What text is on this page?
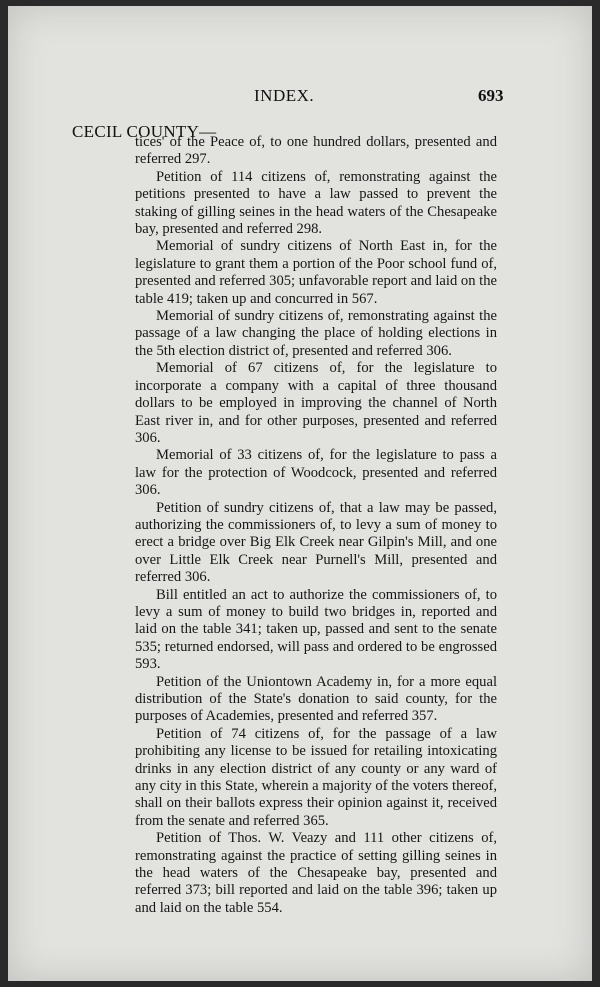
INDEX.	693
CECIL COUNTY—

tices' of the Peace of, to one hundred dollars, presented and referred 297.

Petition of 114 citizens of, remonstrating against the petitions presented to have a law passed to prevent the staking of gilling seines in the head waters of the Chesapeake bay, presented and referred 298.

Memorial of sundry citizens of North East in, for the legislature to grant them a portion of the Poor school fund of, presented and referred 305; unfavorable report and laid on the table 419; taken up and concurred in 567.

Memorial of sundry citizens of, remonstrating against the passage of a law changing the place of holding elections in the 5th election district of, presented and referred 306.

Memorial of 67 citizens of, for the legislature to incorporate a company with a capital of three thousand dollars to be employed in improving the channel of North East river in, and for other purposes, presented and referred 306.

Memorial of 33 citizens of, for the legislature to pass a law for the protection of Woodcock, presented and referred 306.

Petition of sundry citizens of, that a law may be passed, authorizing the commissioners of, to levy a sum of money to erect a bridge over Big Elk Creek near Gilpin's Mill, and one over Little Elk Creek near Purnell's Mill, presented and referred 306.

Bill entitled an act to authorize the commissioners of, to levy a sum of money to build two bridges in, reported and laid on the table 341; taken up, passed and sent to the senate 535; returned endorsed, will pass and ordered to be engrossed 593.

Petition of the Uniontown Academy in, for a more equal distribution of the State's donation to said county, for the purposes of Academies, presented and referred 357.

Petition of 74 citizens of, for the passage of a law prohibiting any license to be issued for retailing intoxicating drinks in any election district of any county or any ward of any city in this State, wherein a majority of the voters thereof, shall on their ballots express their opinion against it, received from the senate and referred 365.

Petition of Thos. W. Veazy and 111 other citizens of, remonstrating against the practice of setting gilling seines in the head waters of the Chesapeake bay, presented and referred 373; bill reported and laid on the table 396; taken up and laid on the table 554.
